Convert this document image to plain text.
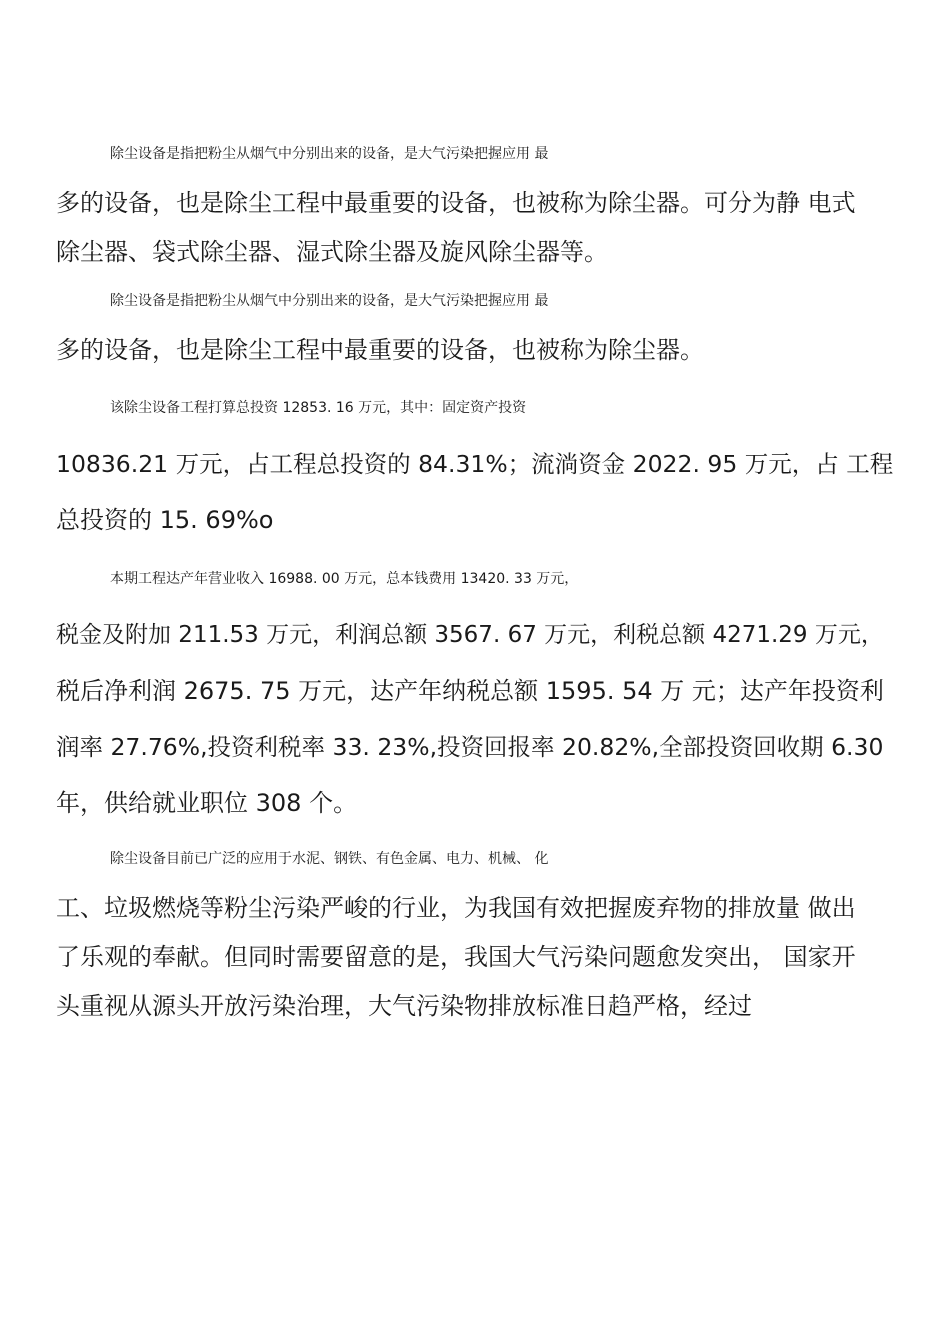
除尘设备是指把粉尘从烟气中分别出来的设备，是大气污染把握应用 最
多的设备，也是除尘工程中最重要的设备，也被称为除尘器。可分为静 电式
除尘器、袋式除尘器、湿式除尘器及旋风除尘器等。

除尘设备是指把粉尘从烟气中分别出来的设备，是大气污染把握应用 最
多的设备，也是除尘工程中最重要的设备，也被称为除尘器。

该除尘设备工程打算总投资 12853. 16 万元，其中：固定资产投资
10836.21 万元，占工程总投资的 84.31%；流淌资金 2022. 95 万元，占 工程
总投资的 15. 69%o

本期工程达产年营业收入 16988. 00 万元，总本钱费用 13420. 33 万元，
税金及附加 211.53 万元，利润总额 3567. 67 万元，利税总额 4271.29 万元，
税后净利润 2675. 75 万元，达产年纳税总额 1595. 54 万 元；达产年投资利
润率 27.76%,投资利税率 33. 23%,投资回报率 20.82%,全部投资回收期 6.30
年，供给就业职位 308 个。

除尘设备目前已广泛的应用于水泥、钢铁、有色金属、电力、机械、 化
工、垃圾燃烧等粉尘污染严峻的行业，为我国有效把握废弃物的排放量 做出
了乐观的奉献。但同时需要留意的是，我国大气污染问题愈发突出， 国家开
头重视从源头开放污染治理，大气污染物排放标准日趋严格，经过
